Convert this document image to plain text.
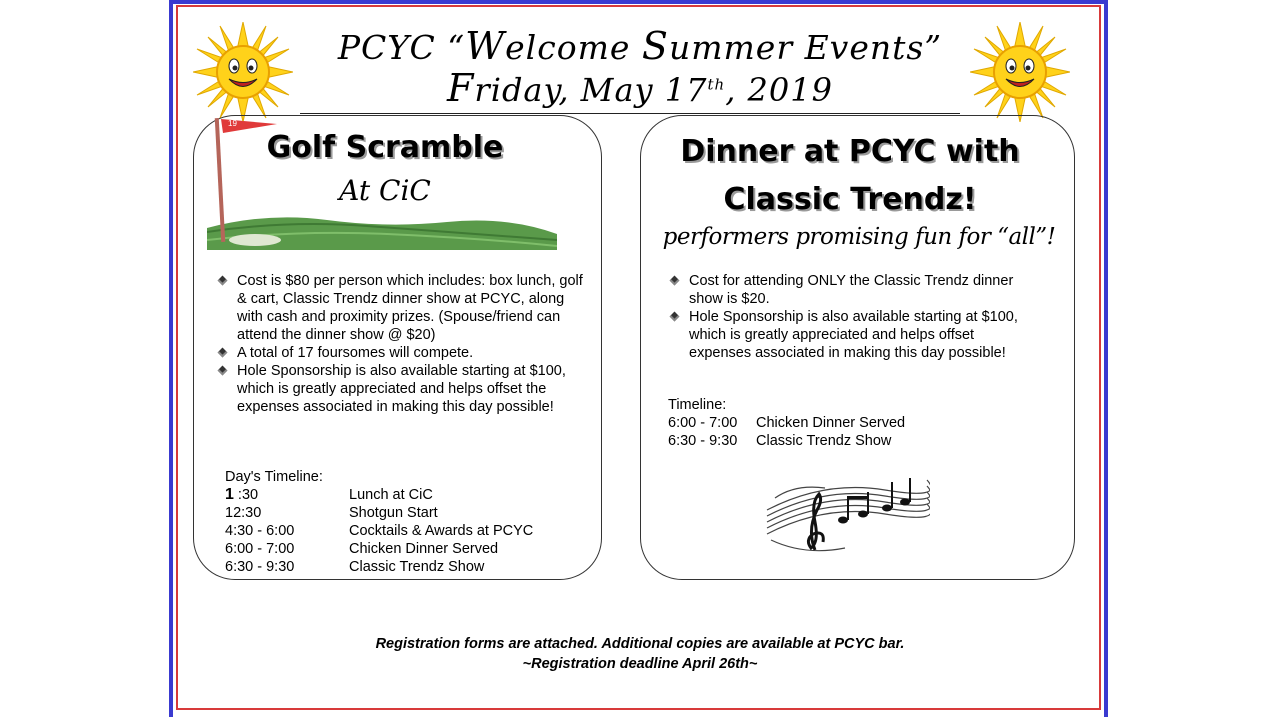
PCYC “Welcome Summer Events”
Friday, May 17th, 2019
19
Golf Scramble
At CiC
Cost is $80 per person which includes: box lunch, golf & cart, Classic Trendz dinner show at PCYC, along with cash and proximity prizes. (Spouse/friend can attend the dinner show @ $20)
A total of 17 foursomes will compete.
Hole Sponsorship is also available starting at $100, which is greatly appreciated and helps offset the expenses associated in making this day possible!
Day's Timeline:
1 :30	Lunch at CiC
12:30	Shotgun Start
4:30 - 6:00	Cocktails & Awards at PCYC
6:00 - 7:00	Chicken Dinner Served
6:30 - 9:30	Classic Trendz Show
Dinner at PCYC with
Classic Trendz!
performers promising fun for “all”!
Cost for attending ONLY the Classic Trendz dinner show is $20.
Hole Sponsorship is also available starting at $100, which is greatly appreciated and helps offset expenses associated in making this day possible!
Timeline:
6:00 - 7:00	Chicken Dinner Served
6:30 - 9:30	Classic Trendz Show
Registration forms are attached. Additional copies are available at PCYC bar.
~Registration deadline April 26th~
